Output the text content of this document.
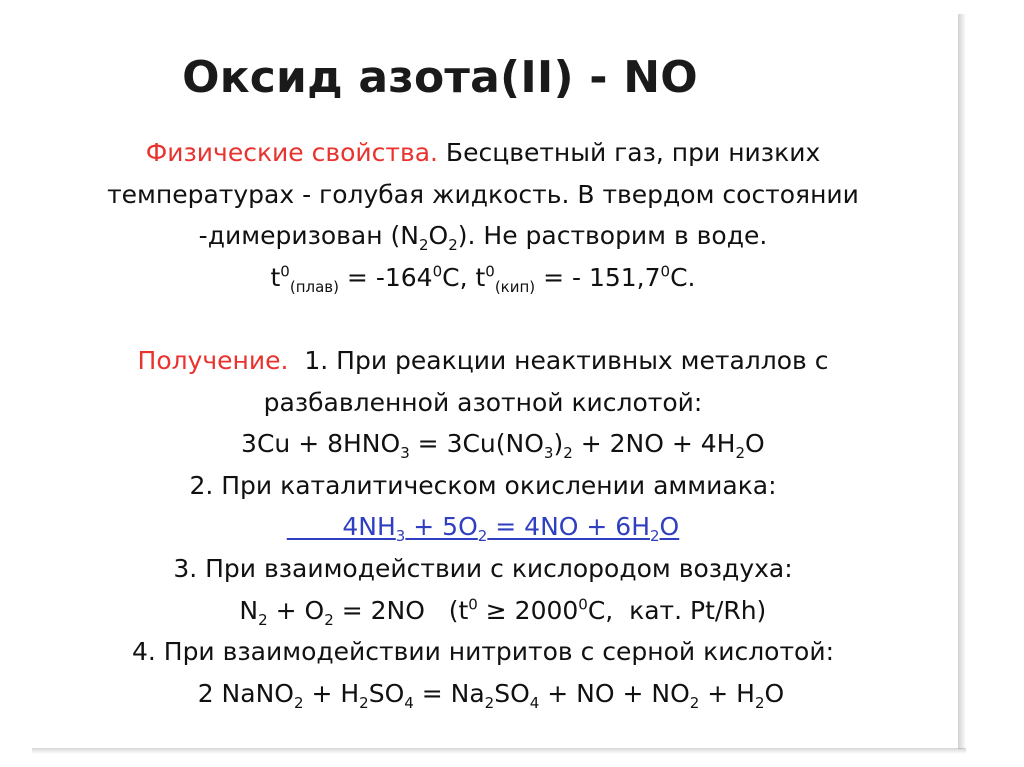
Оксид азота(II) - NO
Физические свойства. Бесцветный газ, при низких
температурах - голубая жидкость. В твердом состоянии
-димеризован $(N_2O_2)$. Не растворим в воде.
$t^0_{(плав)} = -164^0C$, $t^0_{(кип)}$ = - 151,7$^0$C.
Получение.  1. При реакции неактивных металлов с
разбавленной азотной кислотой:
$3Cu + 8HNO_3 = 3Cu(NO_3)_2 + 2NO + 4H_2O$
2. При каталитическом окислении аммиака:
$4NH_3 + 5O_2 = 4NO + 6H_2O$
3. При взаимодействии с кислородом воздуха:
$N_2 + O_2 = 2NO$   ($t^0 \ge 2000^0C$,  кат. Pt/Rh)
4. При взаимодействии нитритов с серной кислотой:
2 NaNO$_2$ + $H_2SO_4 = Na_2SO_4$ + NO + $NO_2 + H_2O$
